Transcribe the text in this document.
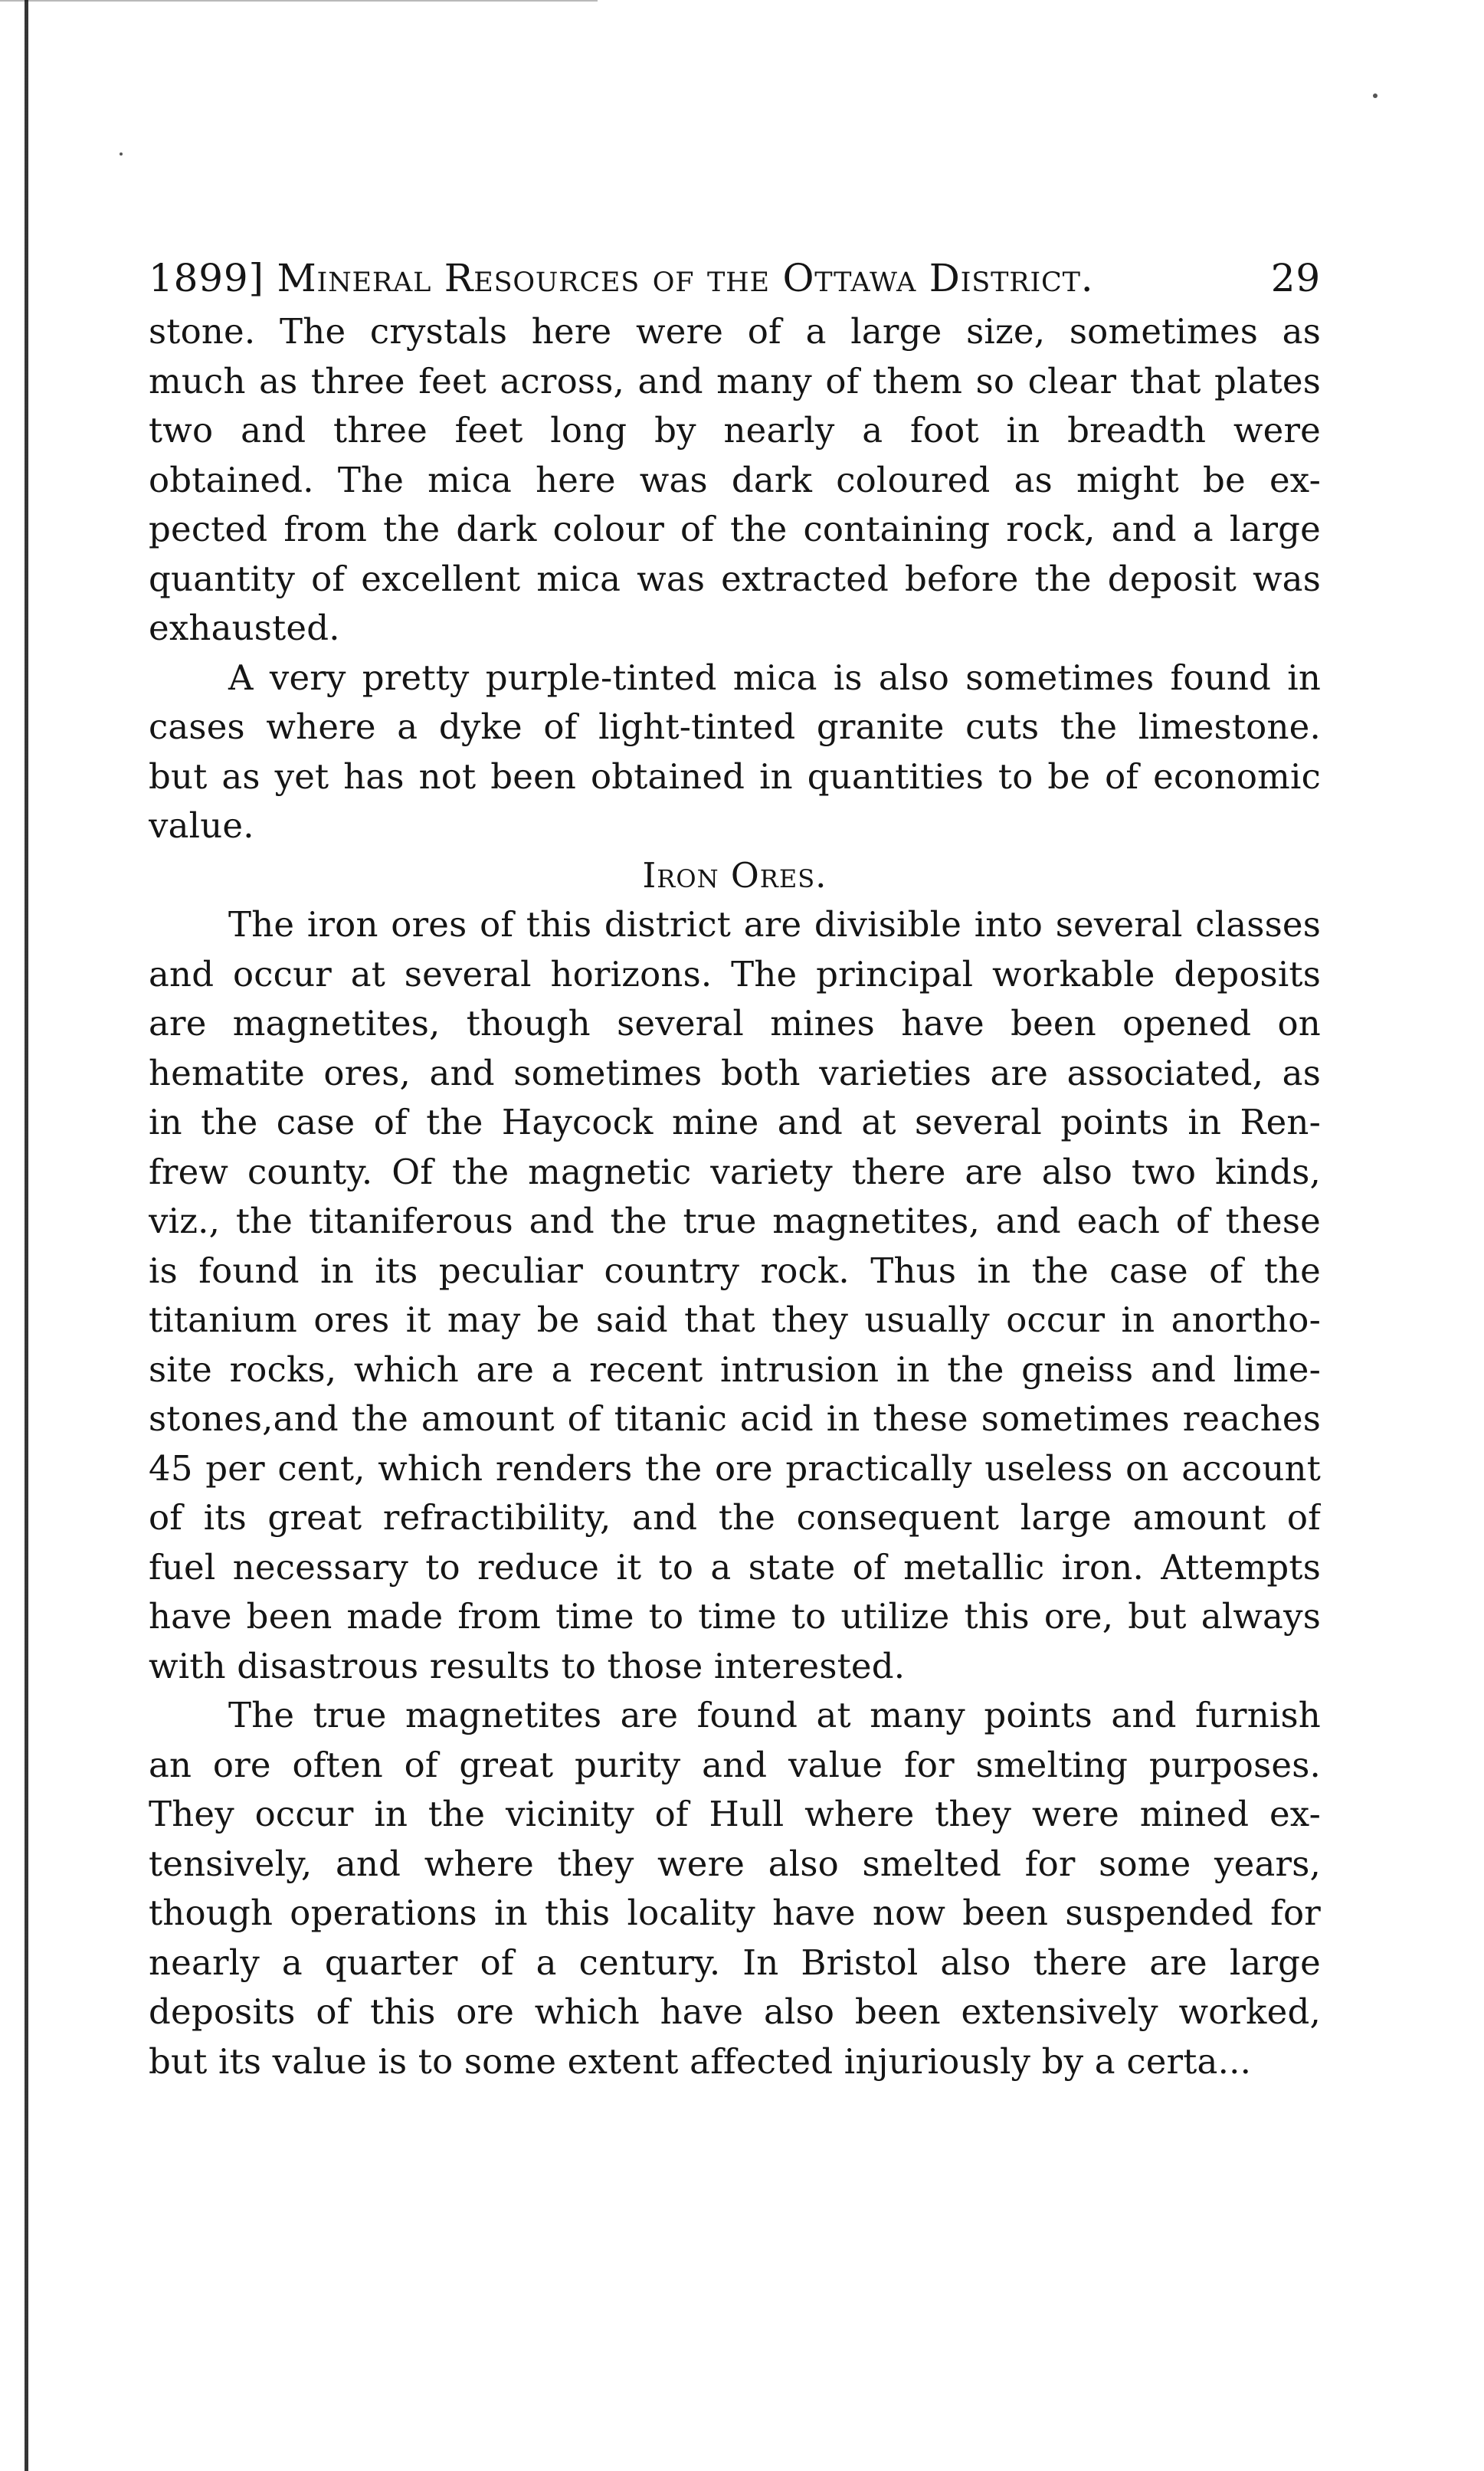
1899] Mineral Resources of the Ottawa District.	29

stone. The crystals here were of a large size, sometimes as
much as three feet across, and many of them so clear that plates
two and three feet long by nearly a foot in breadth were
obtained. The mica here was dark coloured as might be ex-
pected from the dark colour of the containing rock, and a large
quantity of excellent mica was extracted before the deposit was
exhausted.

A very pretty purple-tinted mica is also sometimes found in
cases where a dyke of light-tinted granite cuts the limestone.
but as yet has not been obtained in quantities to be of economic
value.

Iron Ores.

The iron ores of this district are divisible into several classes
and occur at several horizons. The principal workable deposits
are magnetites, though several mines have been opened on
hematite ores, and sometimes both varieties are associated, as
in the case of the Haycock mine and at several points in Ren-
frew county. Of the magnetic variety there are also two kinds,
viz., the titaniferous and the true magnetites, and each of these
is found in its peculiar country rock. Thus in the case of the
titanium ores it may be said that they usually occur in anortho-
site rocks, which are a recent intrusion in the gneiss and lime-
stones,and the amount of titanic acid in these sometimes reaches
45 per cent, which renders the ore practically useless on account
of its great refractibility, and the consequent large amount of
fuel necessary to reduce it to a state of metallic iron. Attempts
have been made from time to time to utilize this ore, but always
with disastrous results to those interested.

The true magnetites are found at many points and furnish
an ore often of great purity and value for smelting purposes.
They occur in the vicinity of Hull where they were mined ex-
tensively, and where they were also smelted for some years,
though operations in this locality have now been suspended for
nearly a quarter of a century. In Bristol also there are large
deposits of this ore which have also been extensively worked,
but its value is to some extent affected injuriously by a certa...
